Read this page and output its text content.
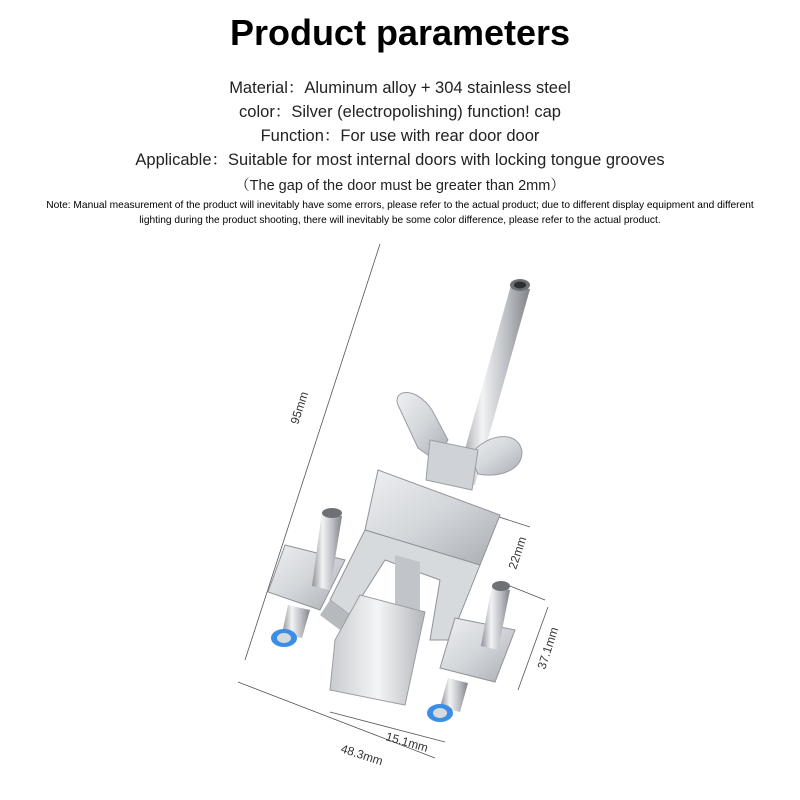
Product parameters
Material：Aluminum alloy + 304 stainless steel
color：Silver (electropolishing) function! cap
Function：For use with rear door door
Applicable：Suitable for most internal doors with locking tongue grooves
（The gap of the door must be greater than 2mm）
Note: Manual measurement of the product will inevitably have some errors, please refer to the actual product; due to different display equipment and different lighting during the product shooting, there will inevitably be some color difference, please refer to the actual product.
95mm
22mm
37.1mm
15.1mm
48.3mm
